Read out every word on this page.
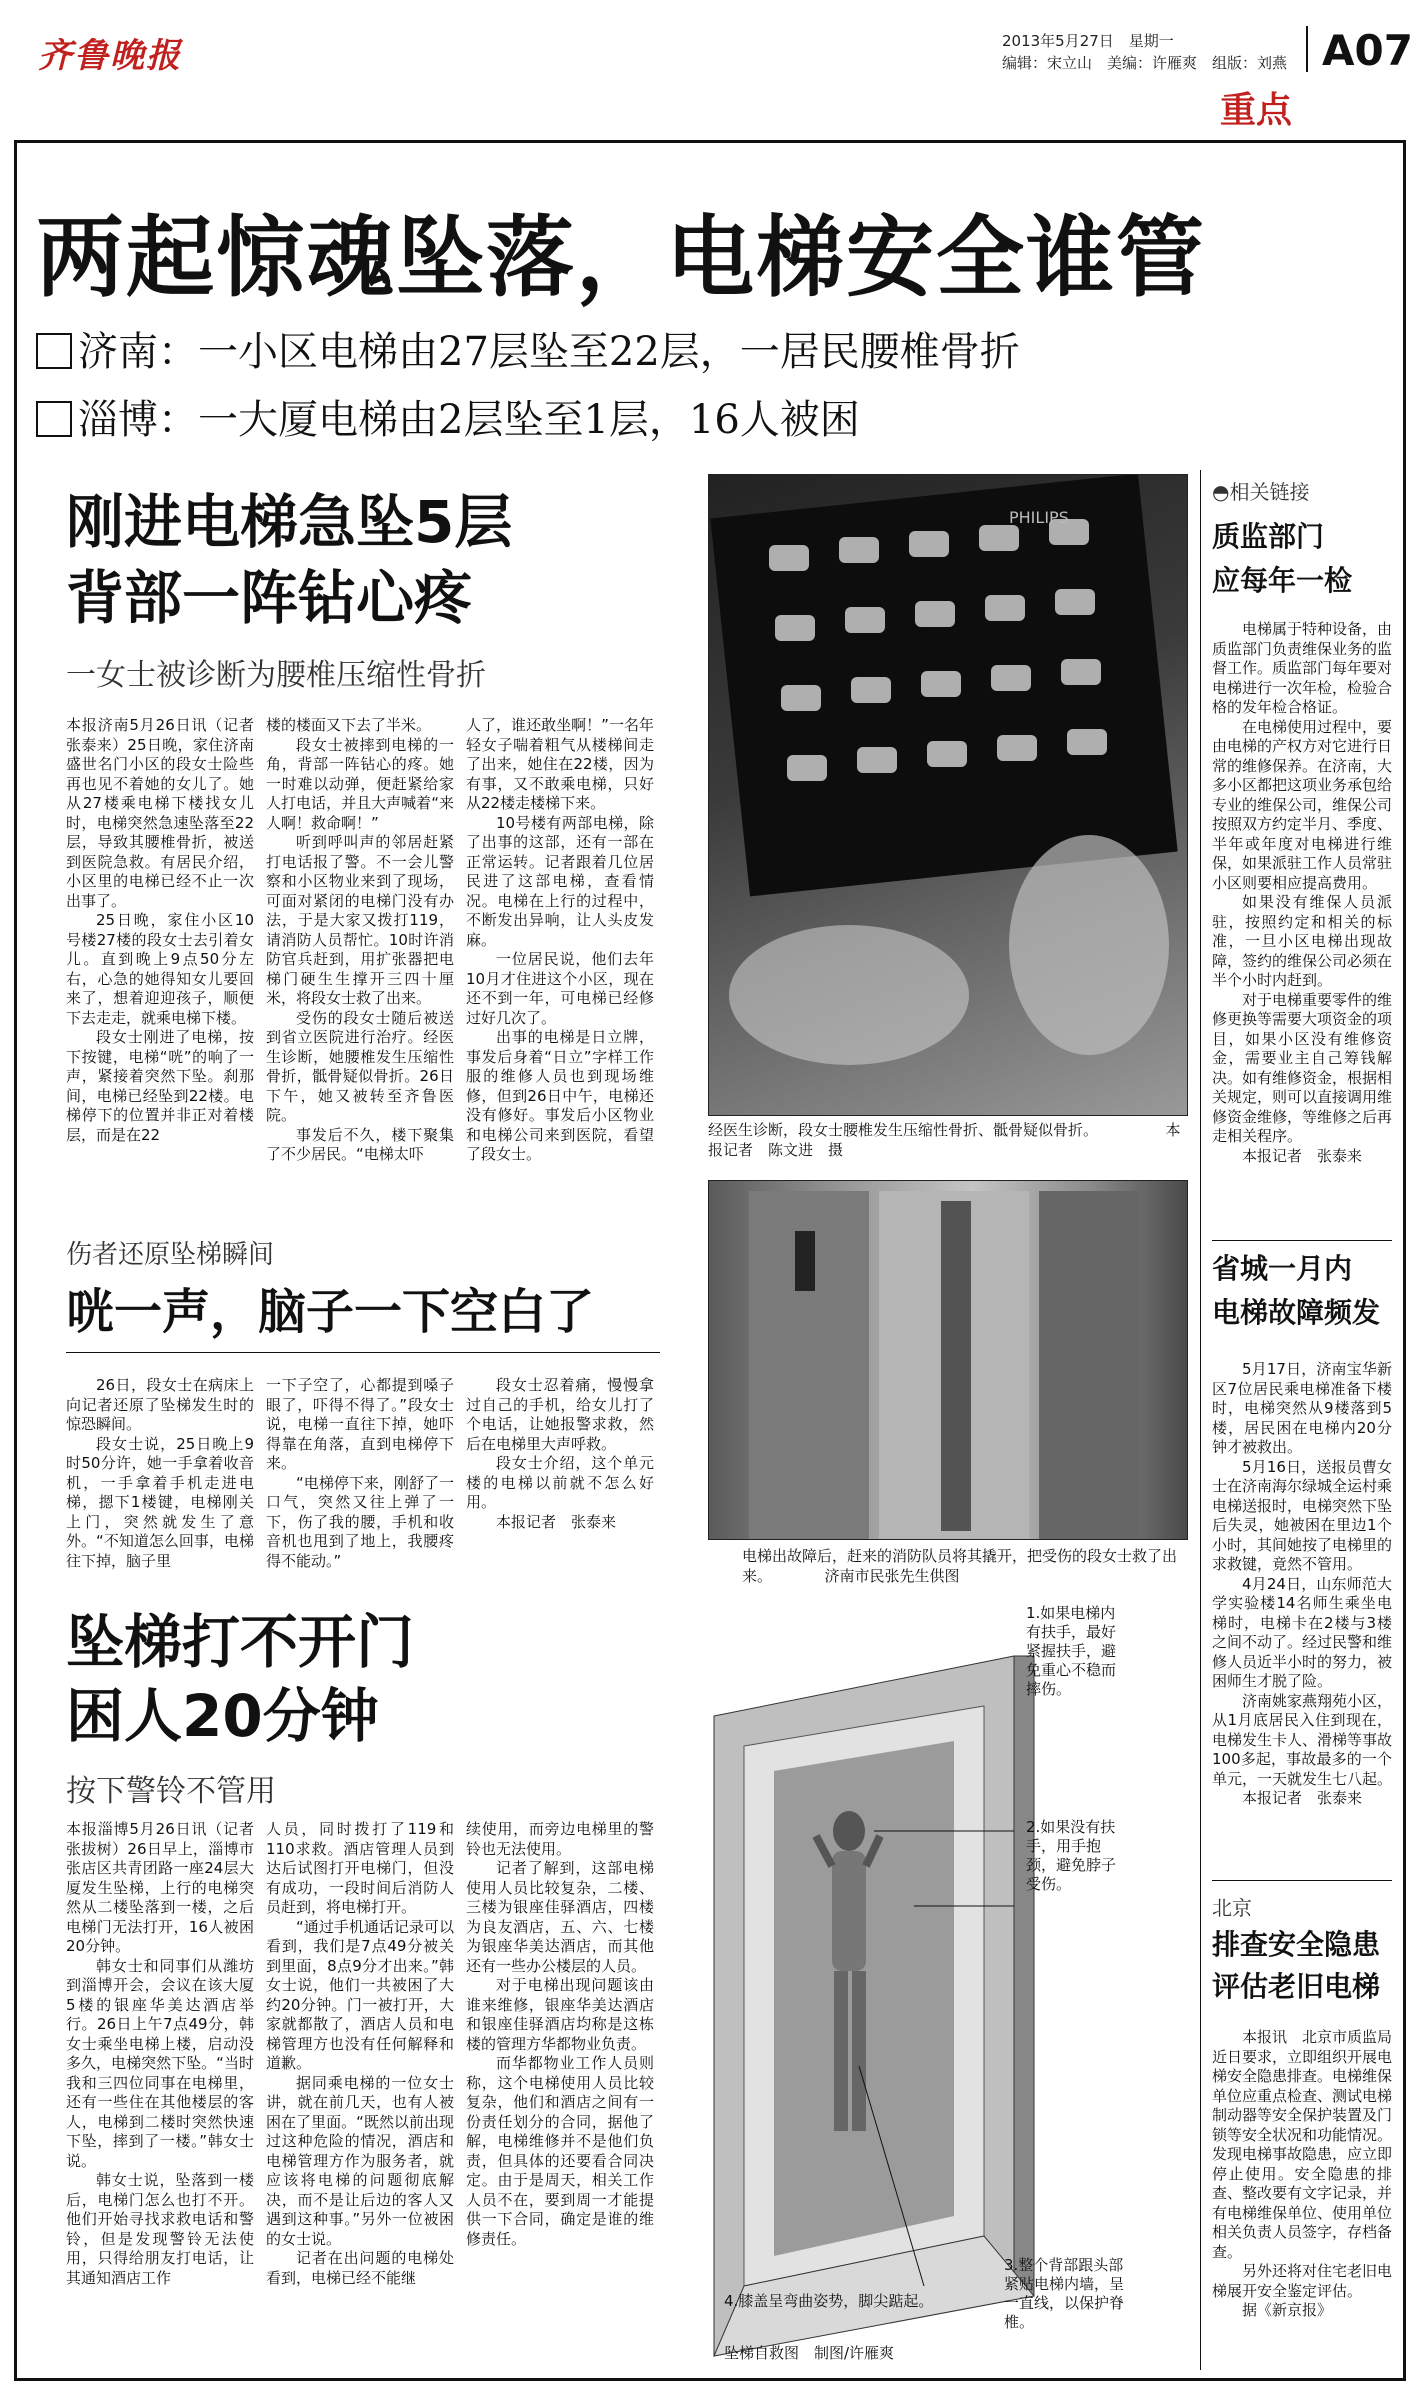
齐鲁晚报	2013年5月27日　星期一
编辑：宋立山　美编：许雁爽　组版：刘燕 A07
重点
两起惊魂坠落，电梯安全谁管
济南：一小区电梯由27层坠至22层，一居民腰椎骨折
淄博：一大厦电梯由2层坠至1层，16人被困
刚进电梯急坠5层
背部一阵钻心疼
一女士被诊断为腰椎压缩性骨折

本报济南5月26日讯（记者　张泰来）25日晚，家住济南盛世名门小区的段女士险些再也见不着她的女儿了。她从27楼乘电梯下楼找女儿时，电梯突然急速坠落至22层，导致其腰椎骨折，被送到医院急救。有居民介绍，小区里的电梯已经不止一次出事了。

25日晚，家住小区10号楼27楼的段女士去引着女儿。直到晚上9点50分左右，心急的她得知女儿要回来了，想着迎迎孩子，顺便下去走走，就乘电梯下楼。

段女士刚进了电梯，按下按键，电梯“咣”的响了一声，紧接着突然下坠。刹那间，电梯已经坠到22楼。电梯停下的位置并非正对着楼层，而是在22

楼的楼面又下去了半米。

段女士被摔到电梯的一角，背部一阵钻心的疼。她一时难以动弹，便赶紧给家人打电话，并且大声喊着“来人啊！救命啊！”

听到呼叫声的邻居赶紧打电话报了警。不一会儿警察和小区物业来到了现场，可面对紧闭的电梯门没有办法，于是大家又拨打119，请消防人员帮忙。10时许消防官兵赶到，用扩张器把电梯门硬生生撑开三四十厘米，将段女士救了出来。

受伤的段女士随后被送到省立医院进行治疗。经医生诊断，她腰椎发生压缩性骨折，骶骨疑似骨折。26日下午，她又被转至齐鲁医院。

事发后不久，楼下聚集了不少居民。“电梯太吓

人了，谁还敢坐啊！”一名年轻女子喘着粗气从楼梯间走了出来，她住在22楼，因为有事，又不敢乘电梯，只好从22楼走楼梯下来。

10号楼有两部电梯，除了出事的这部，还有一部在正常运转。记者跟着几位居民进了这部电梯，查看情况。电梯在上行的过程中，不断发出异响，让人头皮发麻。

一位居民说，他们去年10月才住进这个小区，现在还不到一年，可电梯已经修过好几次了。

出事的电梯是日立牌，事发后身着“日立”字样工作服的维修人员也到现场维修，但到26日中午，电梯还没有修好。事发后小区物业和电梯公司来到医院，看望了段女士。

PHILIPS
经医生诊断，段女士腰椎发生压缩性骨折、骶骨疑似骨折。　　　　　本报记者　陈文进　摄
伤者还原坠梯瞬间
咣一声，脑子一下空白了

26日，段女士在病床上向记者还原了坠梯发生时的惊恐瞬间。

段女士说，25日晚上9时50分许，她一手拿着收音机，一手拿着手机走进电梯，摁下1楼键，电梯刚关上门，突然就发生了意外。“不知道怎么回事，电梯往下掉，脑子里

一下子空了，心都提到嗓子眼了，吓得不得了。”段女士说，电梯一直往下掉，她吓得靠在角落，直到电梯停下来。

“电梯停下来，刚舒了一口气，突然又往上弹了一下，伤了我的腰，手机和收音机也甩到了地上，我腰疼得不能动。”

段女士忍着痛，慢慢拿过自己的手机，给女儿打了个电话，让她报警求救，然后在电梯里大声呼救。

段女士介绍，这个单元楼的电梯以前就不怎么好用。

本报记者　张泰来

电梯出故障后，赶来的消防队员将其撬开，把受伤的段女士救了出来。　　　　济南市民张先生供图
坠梯打不开门
困人20分钟
按下警铃不管用

本报淄博5月26日讯（记者　张拔树）26日早上，淄博市张店区共青团路一座24层大厦发生坠梯，上行的电梯突然从二楼坠落到一楼，之后电梯门无法打开，16人被困20分钟。

韩女士和同事们从潍坊到淄博开会，会议在该大厦5楼的银座华美达酒店举行。26日上午7点49分，韩女士乘坐电梯上楼，启动没多久，电梯突然下坠。“当时我和三四位同事在电梯里，还有一些住在其他楼层的客人，电梯到二楼时突然快速下坠，摔到了一楼。”韩女士说。

韩女士说，坠落到一楼后，电梯门怎么也打不开。他们开始寻找求救电话和警铃，但是发现警铃无法使用，只得给朋友打电话，让其通知酒店工作

人员，同时拨打了119和110求救。酒店管理人员到达后试图打开电梯门，但没有成功，一段时间后消防人员赶到，将电梯打开。

“通过手机通话记录可以看到，我们是7点49分被关到里面，8点9分才出来。”韩女士说，他们一共被困了大约20分钟。门一被打开，大家就都散了，酒店人员和电梯管理方也没有任何解释和道歉。

据同乘电梯的一位女士讲，就在前几天，也有人被困在了里面。“既然以前出现过这种危险的情况，酒店和电梯管理方作为服务者，就应该将电梯的问题彻底解决，而不是让后边的客人又遇到这种事。”另外一位被困的女士说。

记者在出问题的电梯处看到，电梯已经不能继

续使用，而旁边电梯里的警铃也无法使用。

记者了解到，这部电梯使用人员比较复杂，二楼、三楼为银座佳驿酒店，四楼为良友酒店，五、六、七楼为银座华美达酒店，而其他还有一些办公楼层的人员。

对于电梯出现问题该由谁来维修，银座华美达酒店和银座佳驿酒店均称是这栋楼的管理方华都物业负责。

而华都物业工作人员则称，这个电梯使用人员比较复杂，他们和酒店之间有一份责任划分的合同，据他了解，电梯维修并不是他们负责，但具体的还要看合同决定。由于是周天，相关工作人员不在，要到周一才能提供一下合同，确定是谁的维修责任。

1.如果电梯内有扶手，最好紧握扶手，避免重心不稳而摔伤。
2.如果没有扶手，用手抱颈，避免脖子受伤。
3.整个背部跟头部紧贴电梯内墙，呈一直线，以保护脊椎。
4.膝盖呈弯曲姿势，脚尖踮起。
坠梯自救图　制图/许雁爽
◓相关链接
质监部门
应每年一检

电梯属于特种设备，由质监部门负责维保业务的监督工作。质监部门每年要对电梯进行一次年检，检验合格的发年检合格证。

在电梯使用过程中，要由电梯的产权方对它进行日常的维修保养。在济南，大多小区都把这项业务承包给专业的维保公司，维保公司按照双方约定半月、季度、半年或年度对电梯进行维保，如果派驻工作人员常驻小区则要相应提高费用。

如果没有维保人员派驻，按照约定和相关的标准，一旦小区电梯出现故障，签约的维保公司必须在半个小时内赶到。

对于电梯重要零件的维修更换等需要大项资金的项目，如果小区没有维修资金，需要业主自己筹钱解决。如有维修资金，根据相关规定，则可以直接调用维修资金维修，等维修之后再走相关程序。

本报记者　张泰来

省城一月内
电梯故障频发

5月17日，济南宝华新区7位居民乘电梯准备下楼时，电梯突然从9楼落到5楼，居民困在电梯内20分钟才被救出。

5月16日，送报员曹女士在济南海尔绿城全运村乘电梯送报时，电梯突然下坠后失灵，她被困在里边1个小时，其间她按了电梯里的求救键，竟然不管用。

4月24日，山东师范大学实验楼14名师生乘坐电梯时，电梯卡在2楼与3楼之间不动了。经过民警和维修人员近半小时的努力，被困师生才脱了险。

济南姚家燕翔苑小区，从1月底居民入住到现在，电梯发生卡人、滑梯等事故100多起，事故最多的一个单元，一天就发生七八起。

本报记者　张泰来

北京
排查安全隐患
评估老旧电梯

本报讯　北京市质监局近日要求，立即组织开展电梯安全隐患排查。电梯维保单位应重点检查、测试电梯制动器等安全保护装置及门锁等安全状况和功能情况。发现电梯事故隐患，应立即停止使用。安全隐患的排查、整改要有文字记录，并有电梯维保单位、使用单位相关负责人员签字，存档备查。

另外还将对住宅老旧电梯展开安全鉴定评估。

据《新京报》
